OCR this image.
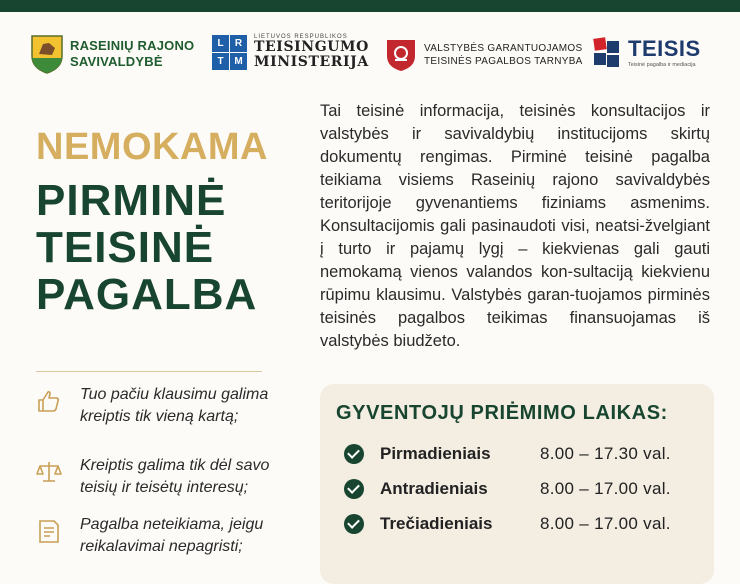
RASEINIŲ RAJONO
SAVIVALDYBĖ
L	R
T	M
LIETUVOS RESPUBLIKOS
TEISINGUMO
MINISTERIJA
VALSTYBĖS GARANTUOJAMOS
TEISINĖS PAGALBOS TARNYBA
TEISIS
Teisinė pagalba ir mediacija
NEMOKAMA
PIRMINĖ
TEISINĖ
PAGALBA
Tai teisinė informacija, teisinės konsultacijos ir valstybės ir savivaldybių institucijoms skirtų dokumentų rengimas. Pirminė teisinė pagalba teikiama visiems Raseinių rajono savivaldybės teritorijoje gyvenantiems fiziniams asmenims. Konsultacijomis gali pasinaudoti visi, neatsi-žvelgiant į turto ir pajamų lygį – kiekvienas gali gauti nemokamą vienos valandos kon-sultaciją kiekvienu rūpimu klausimu. Valstybės garan-tuojamos pirminės teisinės pagalbos teikimas finansuojamas iš valstybės biudžeto.
Tuo pačiu klausimu galima kreiptis tik vieną kartą;
Kreiptis galima tik dėl savo teisių ir teisėtų interesų;
Pagalba neteikiama, jeigu reikalavimai nepagristi;
GYVENTOJŲ PRIĖMIMO LAIKAS:
Pirmadieniais	8.00 – 17.30 val.
Antradieniais	8.00 – 17.00 val.
Trečiadieniais	8.00 – 17.00 val.
